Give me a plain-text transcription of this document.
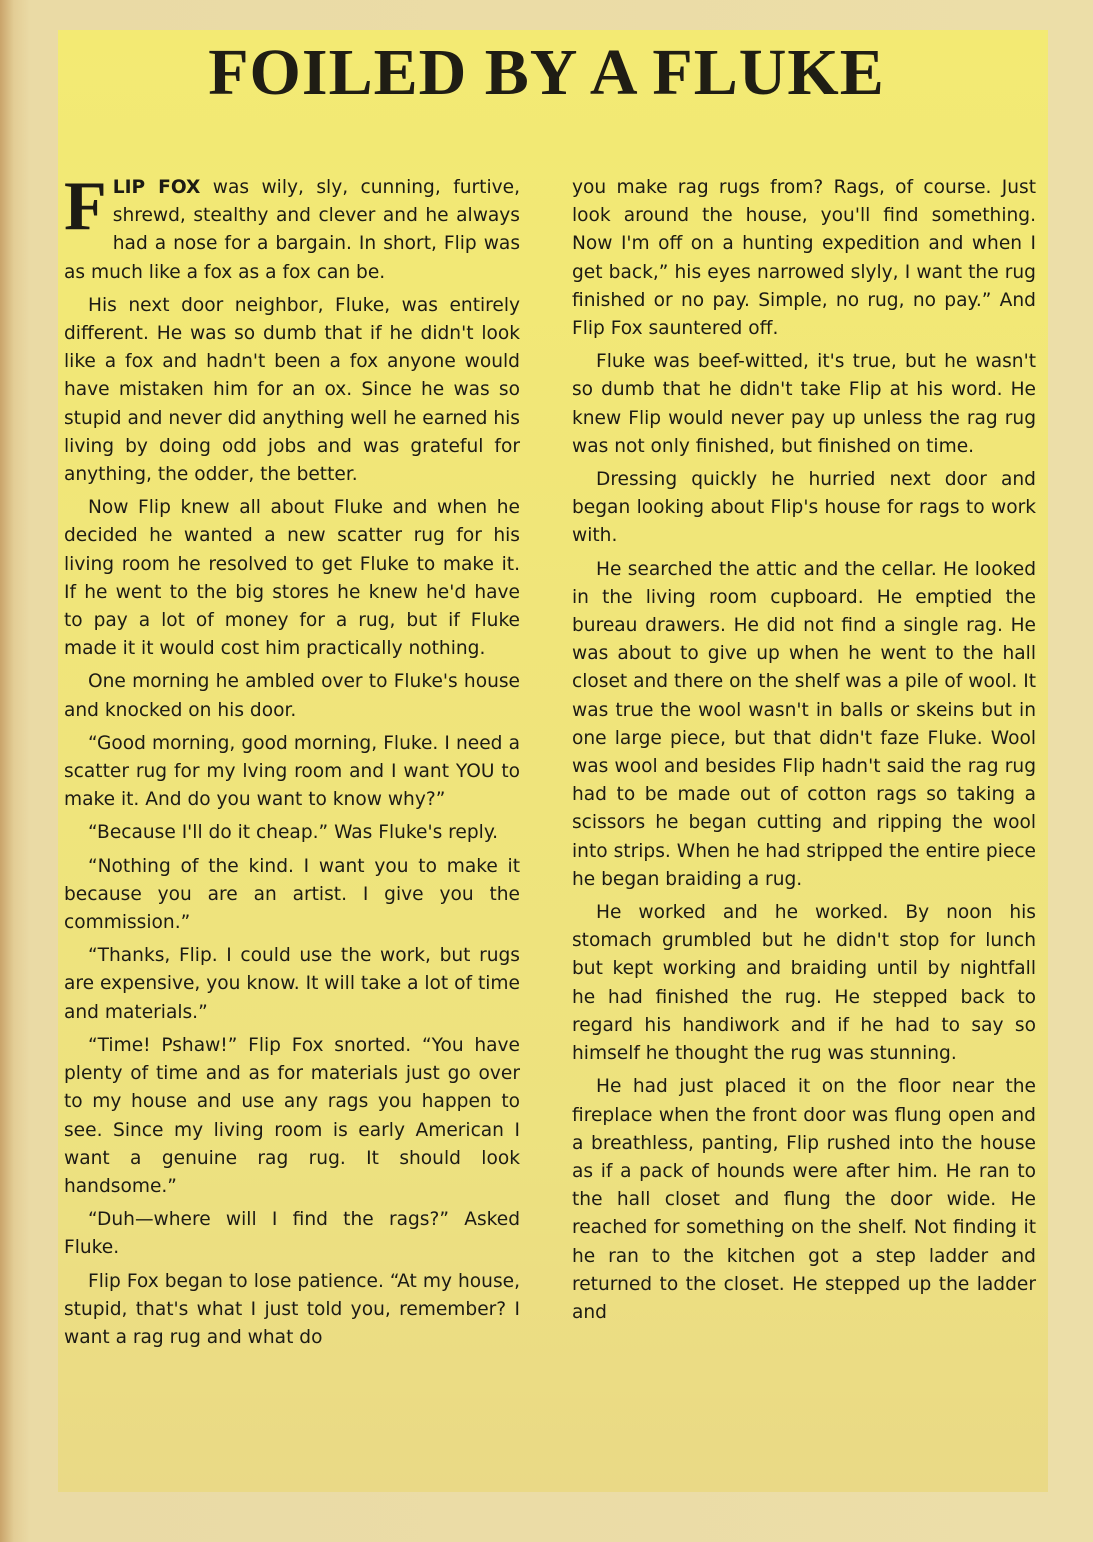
FOILED BY A FLUKE

FLIP FOX was wily, sly, cunning, furtive, shrewd, stealthy and clever and he always had a nose for a bargain. In short, Flip was as much like a fox as a fox can be.

His next door neighbor, Fluke, was entirely different. He was so dumb that if he didn't look like a fox and hadn't been a fox anyone would have mistaken him for an ox. Since he was so stupid and never did anything well he earned his living by doing odd jobs and was grateful for anything, the odder, the better.

Now Flip knew all about Fluke and when he decided he wanted a new scatter rug for his living room he resolved to get Fluke to make it. If he went to the big stores he knew he'd have to pay a lot of money for a rug, but if Fluke made it it would cost him practically nothing.

One morning he ambled over to Fluke's house and knocked on his door.

“Good morning, good morning, Fluke. I need a scatter rug for my lving room and I want YOU to make it. And do you want to know why?”

“Because I'll do it cheap.” Was Fluke's reply.

“Nothing of the kind. I want you to make it because you are an artist. I give you the commission.”

“Thanks, Flip. I could use the work, but rugs are expensive, you know. It will take a lot of time and materials.”

“Time! Pshaw!” Flip Fox snorted. “You have plenty of time and as for materials just go over to my house and use any rags you happen to see. Since my living room is early American I want a genuine rag rug. It should look handsome.”

“Duh—where will I find the rags?” Asked Fluke.

Flip Fox began to lose patience. “At my house, stupid, that's what I just told you, remember? I want a rag rug and what do

you make rag rugs from? Rags, of course. Just look around the house, you'll find something. Now I'm off on a hunting expedition and when I get back,” his eyes narrowed slyly, I want the rug finished or no pay. Simple, no rug, no pay.” And Flip Fox sauntered off.

Fluke was beef-witted, it's true, but he wasn't so dumb that he didn't take Flip at his word. He knew Flip would never pay up unless the rag rug was not only finished, but finished on time.

Dressing quickly he hurried next door and began looking about Flip's house for rags to work with.

He searched the attic and the cellar. He looked in the living room cupboard. He emptied the bureau drawers. He did not find a single rag. He was about to give up when he went to the hall closet and there on the shelf was a pile of wool. It was true the wool wasn't in balls or skeins but in one large piece, but that didn't faze Fluke. Wool was wool and besides Flip hadn't said the rag rug had to be made out of cotton rags so taking a scissors he began cutting and ripping the wool into strips. When he had stripped the entire piece he began braiding a rug.

He worked and he worked. By noon his stomach grumbled but he didn't stop for lunch but kept working and braiding until by nightfall he had finished the rug. He stepped back to regard his handiwork and if he had to say so himself he thought the rug was stunning.

He had just placed it on the floor near the fireplace when the front door was flung open and a breathless, panting, Flip rushed into the house as if a pack of hounds were after him. He ran to the hall closet and flung the door wide. He reached for something on the shelf. Not finding it he ran to the kitchen got a step ladder and returned to the closet. He stepped up the ladder and
